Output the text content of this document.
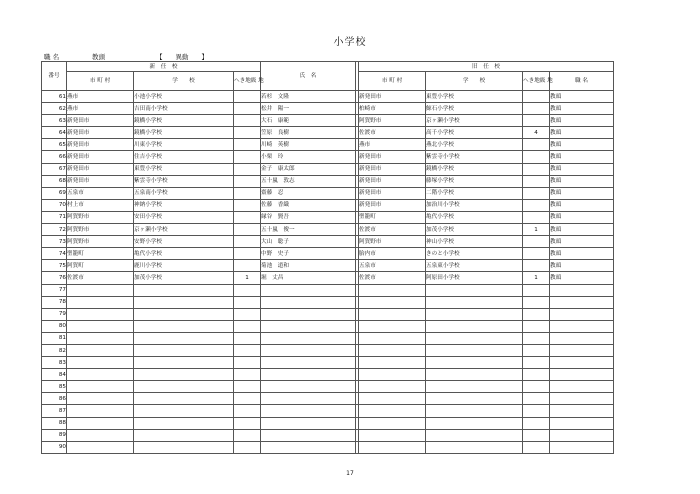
小学校
職 名	教頭	【　　異動　　】
番号	新　任　校			氏　名		旧　任　校			
	市 町 村	学　　校	へき地級 地			市 町 村	学　　校	へき地級 地	職 名
61	燕市	小池小学校		若杉　文隆		新発田市	東豊小学校		教頭
62	燕市	吉田南小学校		松井　陽一		柏崎市	鯨石小学校		教頭
63	新発田市	鏡橋小学校		大石　康範		阿賀野市	京ヶ瀬小学校		教頭
64	新発田市	鏡橋小学校		笠原　良樹		佐渡市	高千小学校	4	教頭
65	新発田市	川東小学校		川崎　英樹		燕市	燕北小学校		教頭
66	新発田市	住吉小学校		小栗　玲		新発田市	紫雲寺小学校		教頭
67	新発田市	東豊小学校		金子　康太郎		新発田市	鏡橋小学校		教頭
68	新発田市	紫雲寺小学校		五十嵐　敦志		新発田市	藤塚小学校		教頭
69	五泉市	五泉南小学校		齋藤　忍		新発田市	二階小学校		教頭
70	村上市	神納小学校		佐藤　香織		新発田市	加治川小学校		教頭
71	阿賀野市	安田小学校		縁谷　賢吾		聖籠町	亀代小学校		教頭
72	阿賀野市	京ヶ瀬小学校		五十嵐　俊一		佐渡市	加茂小学校	1	教頭
73	阿賀野市	安野小学校		大山　聡子		阿賀野市	神山小学校		教頭
74	聖籠町	亀代小学校		中野　史子		胎内市	きのと小学校		教頭
75	阿賀町	鹿川小学校		菊池　道和		五泉市	五泉東小学校		教頭
76	佐渡市	加茂小学校	1	堀　丈昌		佐渡市	阿原田小学校	1	教頭
77									
78									
79									
80									
81									
82									
83									
84									
85									
86									
87									
88									
89									
90									
17
